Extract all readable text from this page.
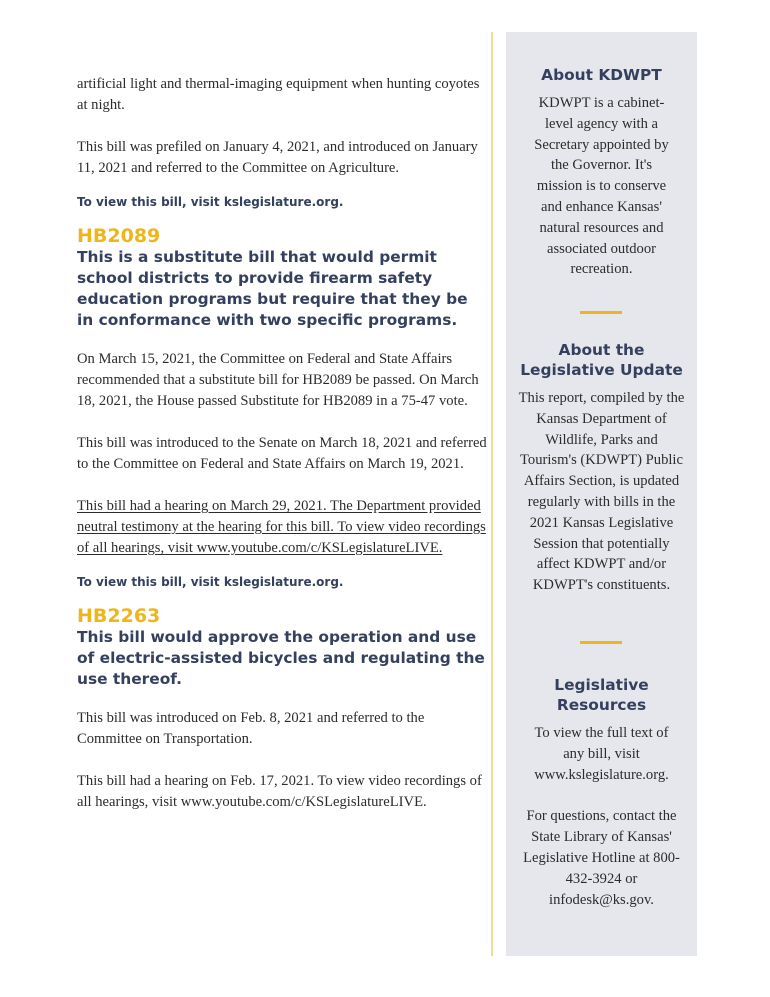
artificial light and thermal-imaging equipment when hunting coyotes at night.

This bill was prefiled on January 4, 2021, and introduced on January 11, 2021 and referred to the Committee on Agriculture.

To view this bill, visit kslegislature.org.

HB2089
This is a substitute bill that would permit school districts to provide firearm safety education programs but require that they be in conformance with two specific programs.

On March 15, 2021, the Committee on Federal and State Affairs recommended that a substitute bill for HB2089 be passed. On March 18, 2021, the House passed Substitute for HB2089 in a 75-47 vote.

This bill was introduced to the Senate on March 18, 2021 and referred to the Committee on Federal and State Affairs on March 19, 2021.

This bill had a hearing on March 29, 2021. The Department provided neutral testimony at the hearing for this bill. To view video recordings of all hearings, visit www.youtube.com/c/KSLegislatureLIVE.

To view this bill, visit kslegislature.org.

HB2263
This bill would approve the operation and use of electric-assisted bicycles and regulating the use thereof.

This bill was introduced on Feb. 8, 2021 and referred to the Committee on Transportation.

This bill had a hearing on Feb. 17, 2021. To view video recordings of all hearings, visit www.youtube.com/c/KSLegislatureLIVE.

About KDWPT

KDWPT is a cabinet-level agency with a Secretary appointed by the Governor. It's mission is to conserve and enhance Kansas' natural resources and associated outdoor recreation.

About the Legislative Update

This report, compiled by the Kansas Department of Wildlife, Parks and Tourism's (KDWPT) Public Affairs Section, is updated regularly with bills in the 2021 Kansas Legislative Session that potentially affect KDWPT and/or KDWPT's constituents.

Legislative Resources

To view the full text of any bill, visit www.kslegislature.org.

For questions, contact the State Library of Kansas' Legislative Hotline at 800-432-3924 or infodesk@ks.gov.
